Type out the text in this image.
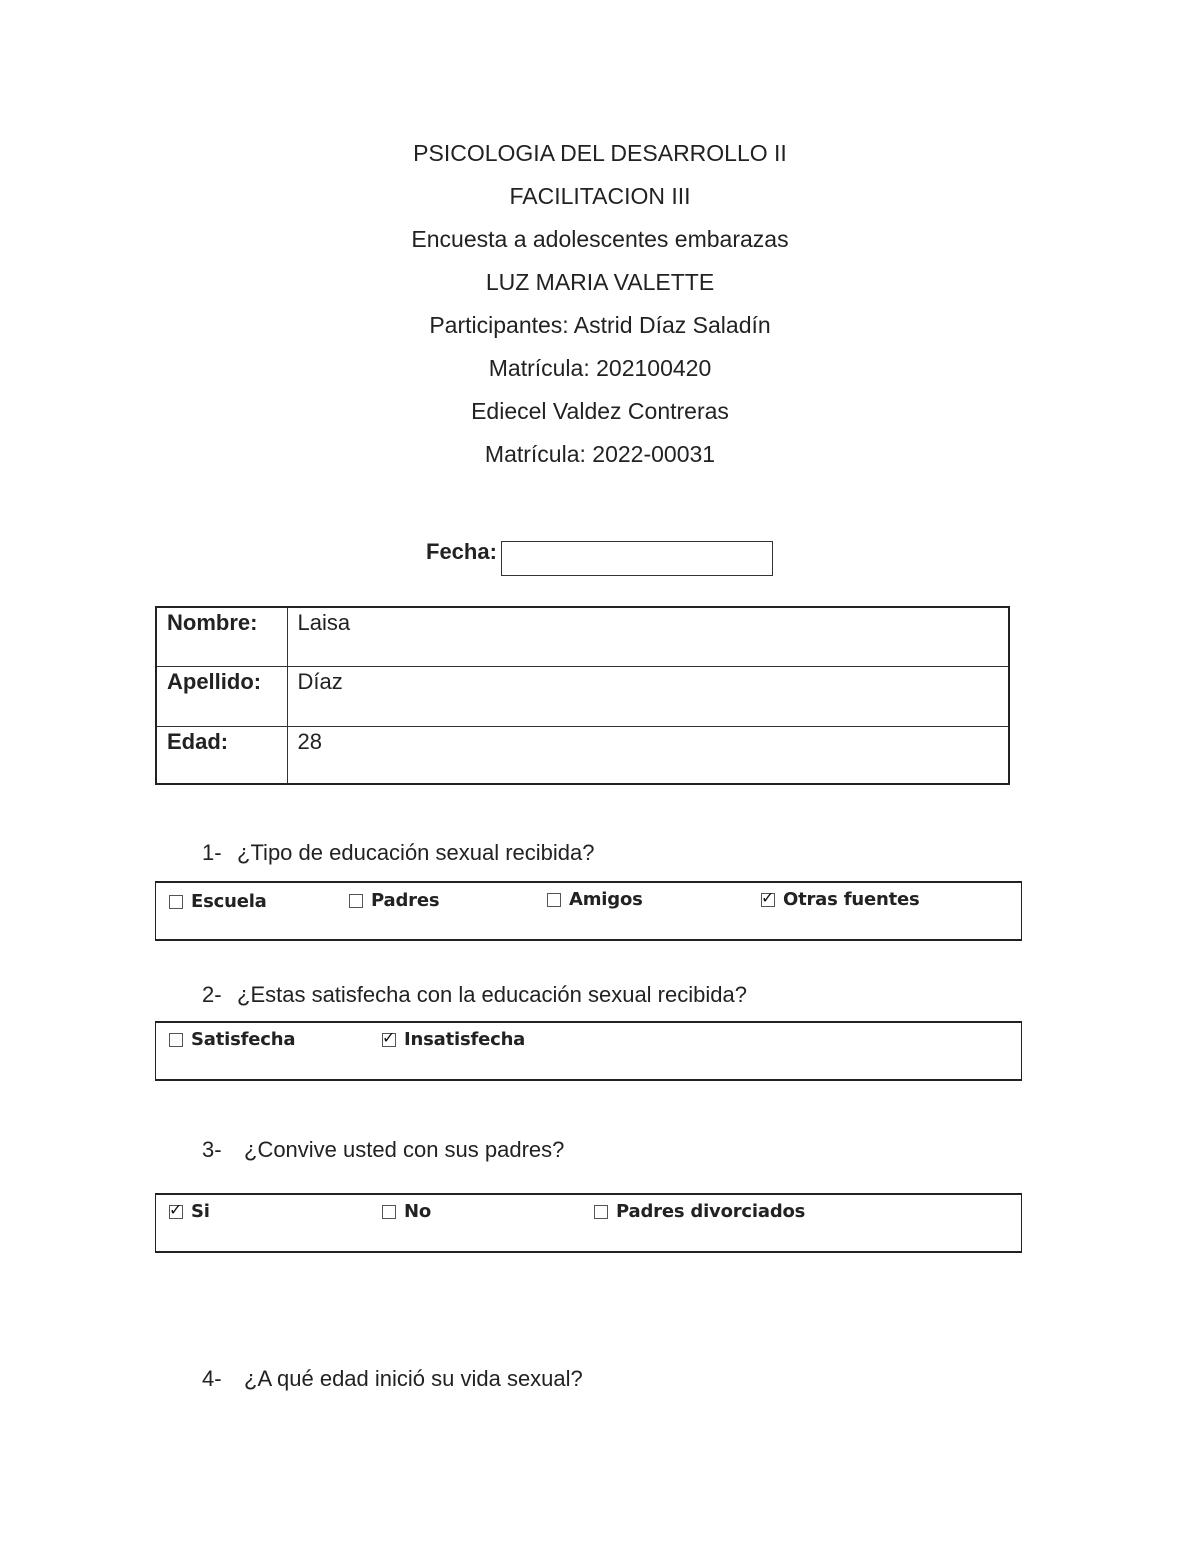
PSICOLOGIA DEL DESARROLLO II
FACILITACION III
Encuesta a adolescentes embarazas
LUZ MARIA VALETTE
Participantes: Astrid Díaz Saladín
Matrícula: 202100420
Ediecel Valdez Contreras
Matrícula: 2022-00031
Fecha:
Nombre:	Laisa
Apellido:	Díaz
Edad:	28
1- ¿Tipo de educación sexual recibida?
Escuela	Padres	Amigos	✓ Otras fuentes
2- ¿Estas satisfecha con la educación sexual recibida?
Satisfecha	✓ Insatisfecha
3- ¿Convive usted con sus padres?
✓ Si	No	Padres divorciados
4- ¿A qué edad inició su vida sexual?
